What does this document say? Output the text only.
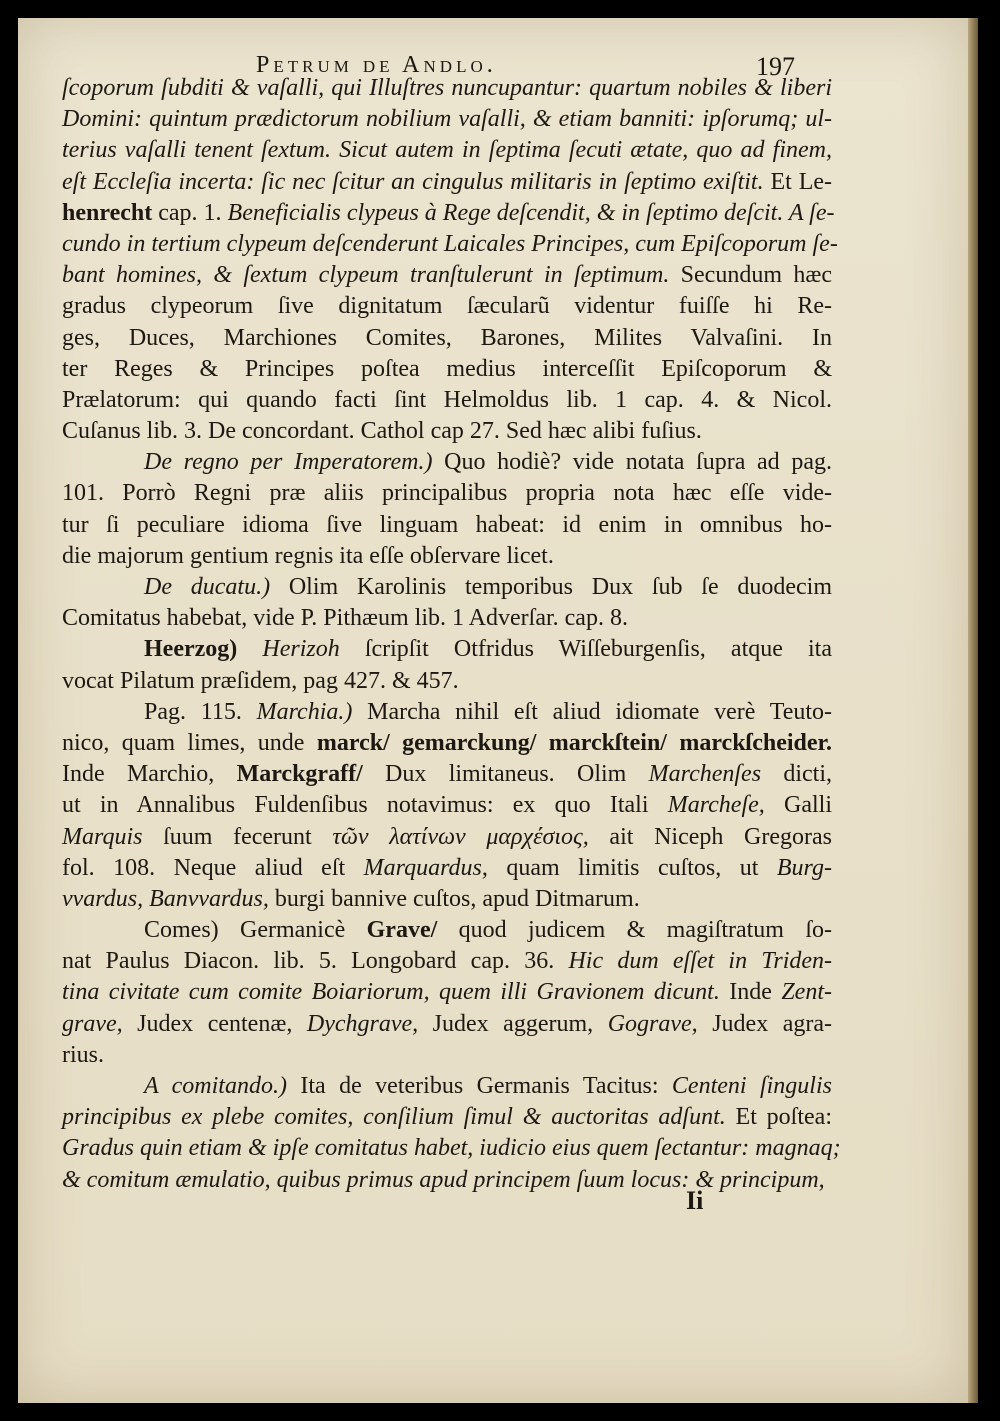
Petrum de Andlo.	197
ſcoporum ſubditi & vaſalli, qui Illuſtres nuncupantur: quartum nobiles & liberi
Domini: quintum prædictorum nobilium vaſalli, & etiam banniti: ipſorumq; ul-
terius vaſalli tenent ſextum. Sicut autem in ſeptima ſecuti ætate, quo ad finem,
eſt Eccleſia incerta: ſic nec ſcitur an cingulus militaris in ſeptimo exiſtit. Et Le-
henrecht cap. 1. Beneficialis clypeus à Rege deſcendit, & in ſeptimo deſcit. A ſe-
cundo in tertium clypeum deſcenderunt Laicales Principes, cum Epiſcoporum ſe-
bant homines, & ſextum clypeum tranſtulerunt in ſeptimum. Secundum hæc
gradus clypeorum ſive dignitatum ſæcularũ videntur fuiſſe hi Re-
ges, Duces, Marchiones Comites, Barones, Milites Valvaſini. In
ter Reges & Principes poſtea medius interceſſit Epiſcoporum &
Prælatorum: qui quando facti ſint Helmoldus lib. 1 cap. 4. & Nicol.
Cuſanus lib. 3. De concordant. Cathol cap 27. Sed hæc alibi fuſius.
De regno per Imperatorem.) Quo hodiè? vide notata ſupra ad pag.
101. Porrò Regni præ aliis principalibus propria nota hæc eſſe vide-
tur ſi peculiare idioma ſive linguam habeat: id enim in omnibus ho-
die majorum gentium regnis ita eſſe obſervare licet.
De ducatu.) Olim Karolinis temporibus Dux ſub ſe duodecim
Comitatus habebat, vide P. Pithæum lib. 1 Adverſar. cap. 8.
Heerzog) Herizoh ſcripſit Otfridus Wiſſeburgenſis, atque ita
vocat Pilatum præſidem, pag 427. & 457.
Pag. 115. Marchia.) Marcha nihil eſt aliud idiomate verè Teuto-
nico, quam limes, unde marck/ gemarckung/ marckſtein/ marckſcheider.
Inde Marchio, Marckgraff/ Dux limitaneus. Olim Marchenſes dicti,
ut in Annalibus Fuldenſibus notavimus: ex quo Itali Marcheſe, Galli
Marquis ſuum fecerunt τῶν λατίνων μαρχέσιος, ait Niceph Gregoras
fol. 108. Neque aliud eſt Marquardus, quam limitis cuſtos, ut Burg-
vvardus, Banvvardus, burgi bannive cuſtos, apud Ditmarum.
Comes) Germanicè Grave/ quod judicem & magiſtratum ſo-
nat Paulus Diacon. lib. 5. Longobard cap. 36. Hic dum eſſet in Triden-
tina civitate cum comite Boiariorum, quem illi Gravionem dicunt. Inde Zent-
grave, Judex centenæ, Dychgrave, Judex aggerum, Gograve, Judex agra-
rius.
A comitando.) Ita de veteribus Germanis Tacitus: Centeni ſingulis
principibus ex plebe comites, conſilium ſimul & auctoritas adſunt. Et poſtea:
Gradus quin etiam & ipſe comitatus habet, iudicio eius quem ſectantur: magnaq;
& comitum æmulatio, quibus primus apud principem ſuum locus: & principum,
Ii
